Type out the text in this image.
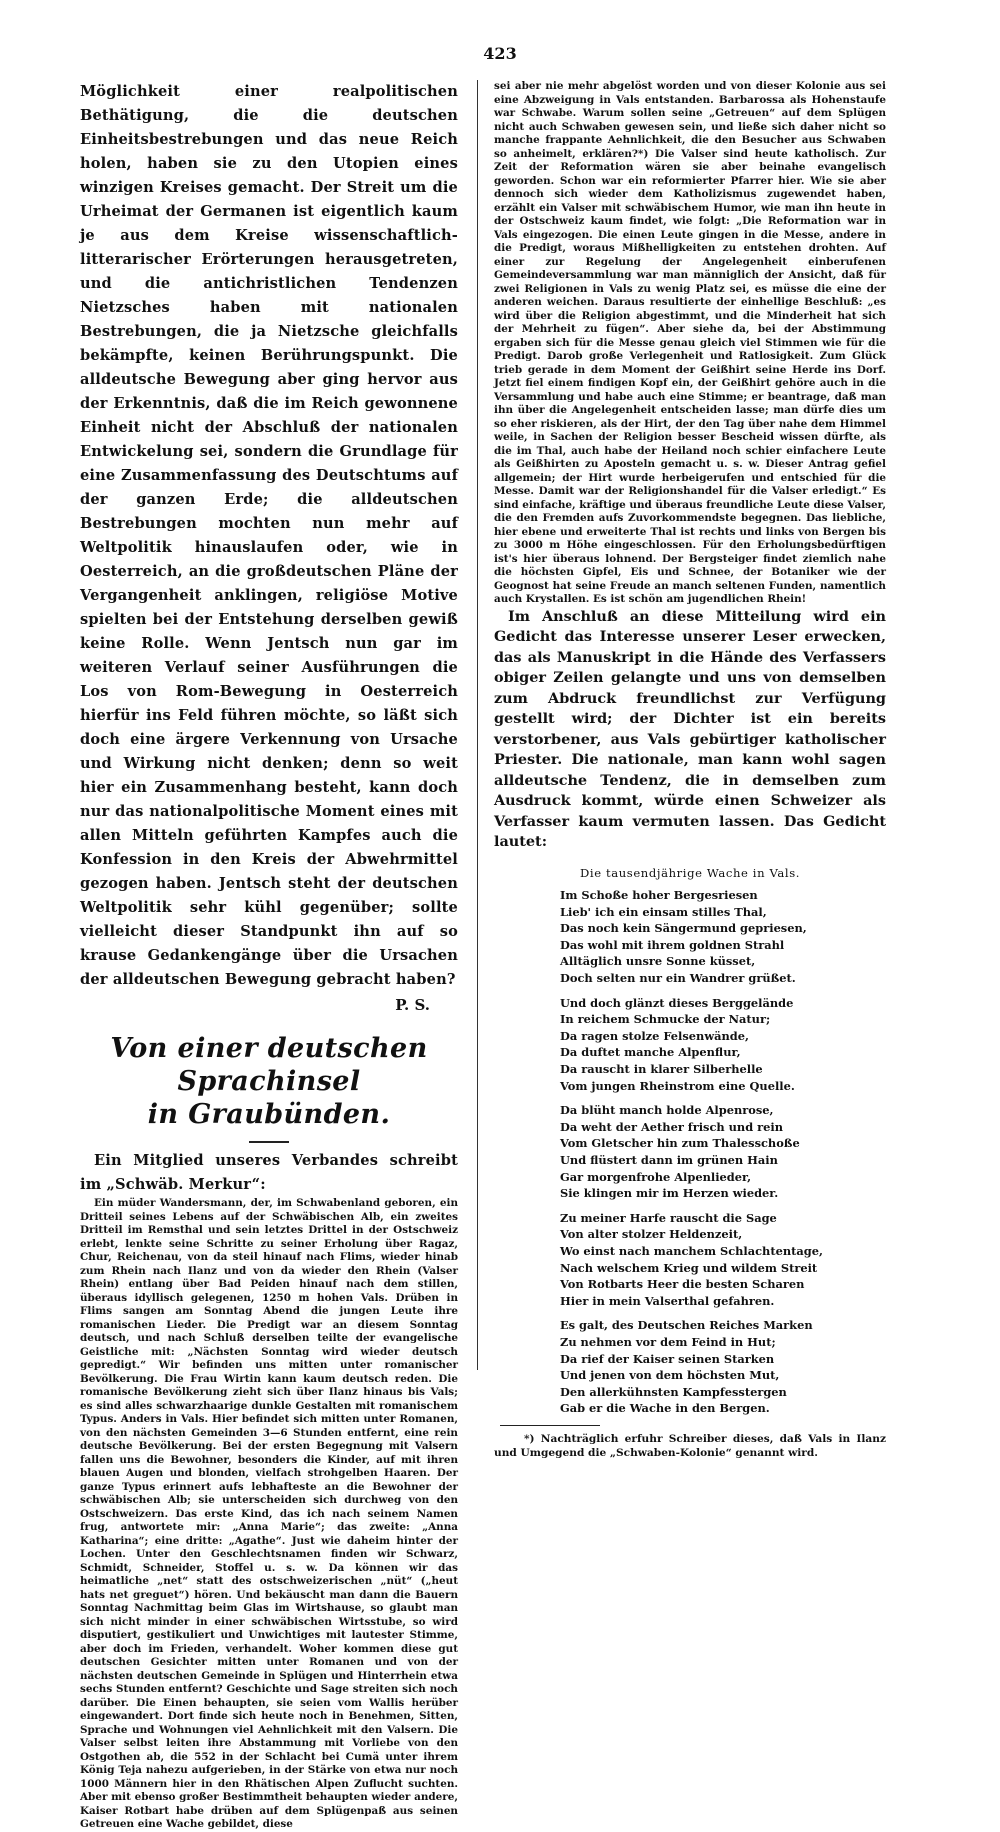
423

Möglichkeit einer realpolitischen Bethätigung, die die deutschen Einheitsbestrebungen und das neue Reich holen, haben sie zu den Utopien eines winzigen Kreises gemacht. Der Streit um die Urheimat der Germanen ist eigentlich kaum je aus dem Kreise wissenschaftlich-litterarischer Erörterungen herausgetreten, und die antichristlichen Tendenzen Nietzsches haben mit nationalen Bestrebungen, die ja Nietzsche gleichfalls bekämpfte, keinen Berührungspunkt. Die alldeutsche Bewegung aber ging hervor aus der Erkenntnis, daß die im Reich gewonnene Einheit nicht der Abschluß der nationalen Entwickelung sei, sondern die Grundlage für eine Zusammenfassung des Deutschtums auf der ganzen Erde; die alldeutschen Bestrebungen mochten nun mehr auf Weltpolitik hinauslaufen oder, wie in Oesterreich, an die großdeutschen Pläne der Vergangenheit anklingen, religiöse Motive spielten bei der Entstehung derselben gewiß keine Rolle. Wenn Jentsch nun gar im weiteren Verlauf seiner Ausführungen die Los von Rom-Bewegung in Oesterreich hierfür ins Feld führen möchte, so läßt sich doch eine ärgere Verkennung von Ursache und Wirkung nicht denken; denn so weit hier ein Zusammenhang besteht, kann doch nur das nationalpolitische Moment eines mit allen Mitteln geführten Kampfes auch die Konfession in den Kreis der Abwehrmittel gezogen haben. Jentsch steht der deutschen Weltpolitik sehr kühl gegenüber; sollte vielleicht dieser Standpunkt ihn auf so krause Gedankengänge über die Ursachen der alldeutschen Bewegung gebracht haben?

P. S.
Von einer deutschen Sprachinsel
in Graubünden.

Ein Mitglied unseres Verbandes schreibt im „Schwäb. Merkur“:

Ein müder Wandersmann, der, im Schwabenland geboren, ein Dritteil seines Lebens auf der Schwäbischen Alb, ein zweites Dritteil im Remsthal und sein letztes Drittel in der Ostschweiz erlebt, lenkte seine Schritte zu seiner Erholung über Ragaz, Chur, Reichenau, von da steil hinauf nach Flims, wieder hinab zum Rhein nach Ilanz und von da wieder den Rhein (Valser Rhein) entlang über Bad Peiden hinauf nach dem stillen, überaus idyllisch gelegenen, 1250 m hohen Vals. Drüben in Flims sangen am Sonntag Abend die jungen Leute ihre romanischen Lieder. Die Predigt war an diesem Sonntag deutsch, und nach Schluß derselben teilte der evangelische Geistliche mit: „Nächsten Sonntag wird wieder deutsch gepredigt.“ Wir befinden uns mitten unter romanischer Bevölkerung. Die Frau Wirtin kann kaum deutsch reden. Die romanische Bevölkerung zieht sich über Ilanz hinaus bis Vals; es sind alles schwarzhaarige dunkle Gestalten mit romanischem Typus. Anders in Vals. Hier befindet sich mitten unter Romanen, von den nächsten Gemeinden 3—6 Stunden entfernt, eine rein deutsche Bevölkerung. Bei der ersten Begegnung mit Valsern fallen uns die Bewohner, besonders die Kinder, auf mit ihren blauen Augen und blonden, vielfach strohgelben Haaren. Der ganze Typus erinnert aufs lebhafteste an die Bewohner der schwäbischen Alb; sie unterscheiden sich durchweg von den Ostschweizern. Das erste Kind, das ich nach seinem Namen frug, antwortete mir: „Anna Marie“; das zweite: „Anna Katharina“; eine dritte: „Agathe“. Just wie daheim hinter der Lochen. Unter den Geschlechtsnamen finden wir Schwarz, Schmidt, Schneider, Stoffel u. s. w. Da können wir das heimatliche „net“ statt des ostschweizerischen „nüt“ („heut hats net greguet“) hören. Und bekäuscht man dann die Bauern Sonntag Nachmittag beim Glas im Wirtshause, so glaubt man sich nicht minder in einer schwäbischen Wirtsstube, so wird disputiert, gestikuliert und Unwichtiges mit lautester Stimme, aber doch im Frieden, verhandelt. Woher kommen diese gut deutschen Gesichter mitten unter Romanen und von der nächsten deutschen Gemeinde in Splügen und Hinterrhein etwa sechs Stunden entfernt? Geschichte und Sage streiten sich noch darüber. Die Einen behaupten, sie seien vom Wallis herüber eingewandert. Dort finde sich heute noch in Benehmen, Sitten, Sprache und Wohnungen viel Aehnlichkeit mit den Valsern. Die Valser selbst leiten ihre Abstammung mit Vorliebe von den Ostgothen ab, die 552 in der Schlacht bei Cumä unter ihrem König Teja nahezu aufgerieben, in der Stärke von etwa nur noch 1000 Männern hier in den Rhätischen Alpen Zuflucht suchten. Aber mit ebenso großer Bestimmtheit behaupten wieder andere, Kaiser Rotbart habe drüben auf dem Splügenpaß aus seinen Getreuen eine Wache gebildet, diese

sei aber nie mehr abgelöst worden und von dieser Kolonie aus sei eine Abzweigung in Vals entstanden. Barbarossa als Hohenstaufe war Schwabe. Warum sollen seine „Getreuen“ auf dem Splügen nicht auch Schwaben gewesen sein, und ließe sich daher nicht so manche frappante Aehnlichkeit, die den Besucher aus Schwaben so anheimelt, erklären?*) Die Valser sind heute katholisch. Zur Zeit der Reformation wären sie aber beinahe evangelisch geworden. Schon war ein reformierter Pfarrer hier. Wie sie aber dennoch sich wieder dem Katholizismus zugewendet haben, erzählt ein Valser mit schwäbischem Humor, wie man ihn heute in der Ostschweiz kaum findet, wie folgt: „Die Reformation war in Vals eingezogen. Die einen Leute gingen in die Messe, andere in die Predigt, woraus Mißhelligkeiten zu entstehen drohten. Auf einer zur Regelung der Angelegenheit einberufenen Gemeindeversammlung war man männiglich der Ansicht, daß für zwei Religionen in Vals zu wenig Platz sei, es müsse die eine der anderen weichen. Daraus resultierte der einhellige Beschluß: „es wird über die Religion abgestimmt, und die Minderheit hat sich der Mehrheit zu fügen“. Aber siehe da, bei der Abstimmung ergaben sich für die Messe genau gleich viel Stimmen wie für die Predigt. Darob große Verlegenheit und Ratlosigkeit. Zum Glück trieb gerade in dem Moment der Geißhirt seine Herde ins Dorf. Jetzt fiel einem findigen Kopf ein, der Geißhirt gehöre auch in die Versammlung und habe auch eine Stimme; er beantrage, daß man ihn über die Angelegenheit entscheiden lasse; man dürfe dies um so eher riskieren, als der Hirt, der den Tag über nahe dem Himmel weile, in Sachen der Religion besser Bescheid wissen dürfte, als die im Thal, auch habe der Heiland noch schier einfachere Leute als Geißhirten zu Aposteln gemacht u. s. w. Dieser Antrag gefiel allgemein; der Hirt wurde herbeigerufen und entschied für die Messe. Damit war der Religionshandel für die Valser erledigt.“ Es sind einfache, kräftige und überaus freundliche Leute diese Valser, die den Fremden aufs Zuvorkommendste begegnen. Das liebliche, hier ebene und erweiterte Thal ist rechts und links von Bergen bis zu 3000 m Höhe eingeschlossen. Für den Erholungsbedürftigen ist's hier überaus lohnend. Der Bergsteiger findet ziemlich nahe die höchsten Gipfel, Eis und Schnee, der Botaniker wie der Geognost hat seine Freude an manch seltenen Funden, namentlich auch Krystallen. Es ist schön am jugendlichen Rhein!

Im Anschluß an diese Mitteilung wird ein Gedicht das Interesse unserer Leser erwecken, das als Manuskript in die Hände des Verfassers obiger Zeilen gelangte und uns von demselben zum Abdruck freundlichst zur Verfügung gestellt wird; der Dichter ist ein bereits verstorbener, aus Vals gebürtiger katholischer Priester. Die nationale, man kann wohl sagen alldeutsche Tendenz, die in demselben zum Ausdruck kommt, würde einen Schweizer als Verfasser kaum vermuten lassen. Das Gedicht lautet:

Die tausendjährige Wache in Vals.
Im Schoße hoher Bergesriesen
Lieb' ich ein einsam stilles Thal,
Das noch kein Sängermund gepriesen,
Das wohl mit ihrem goldnen Strahl
Alltäglich unsre Sonne küsset,
Doch selten nur ein Wandrer grüßet.
Und doch glänzt dieses Berggelände
In reichem Schmucke der Natur;
Da ragen stolze Felsenwände,
Da duftet manche Alpenflur,
Da rauscht in klarer Silberhelle
Vom jungen Rheinstrom eine Quelle.
Da blüht manch holde Alpenrose,
Da weht der Aether frisch und rein
Vom Gletscher hin zum Thalesschoße
Und flüstert dann im grünen Hain
Gar morgenfrohe Alpenlieder,
Sie klingen mir im Herzen wieder.
Zu meiner Harfe rauscht die Sage
Von alter stolzer Heldenzeit,
Wo einst nach manchem Schlachtentage,
Nach welschem Krieg und wildem Streit
Von Rotbarts Heer die besten Scharen
Hier in mein Valserthal gefahren.
Es galt, des Deutschen Reiches Marken
Zu nehmen vor dem Feind in Hut;
Da rief der Kaiser seinen Starken
Und jenen von dem höchsten Mut,
Den allerkühnsten Kampfesstergen
Gab er die Wache in den Bergen.

*) Nachträglich erfuhr Schreiber dieses, daß Vals in Ilanz und Umgegend die „Schwaben-Kolonie“ genannt wird.
